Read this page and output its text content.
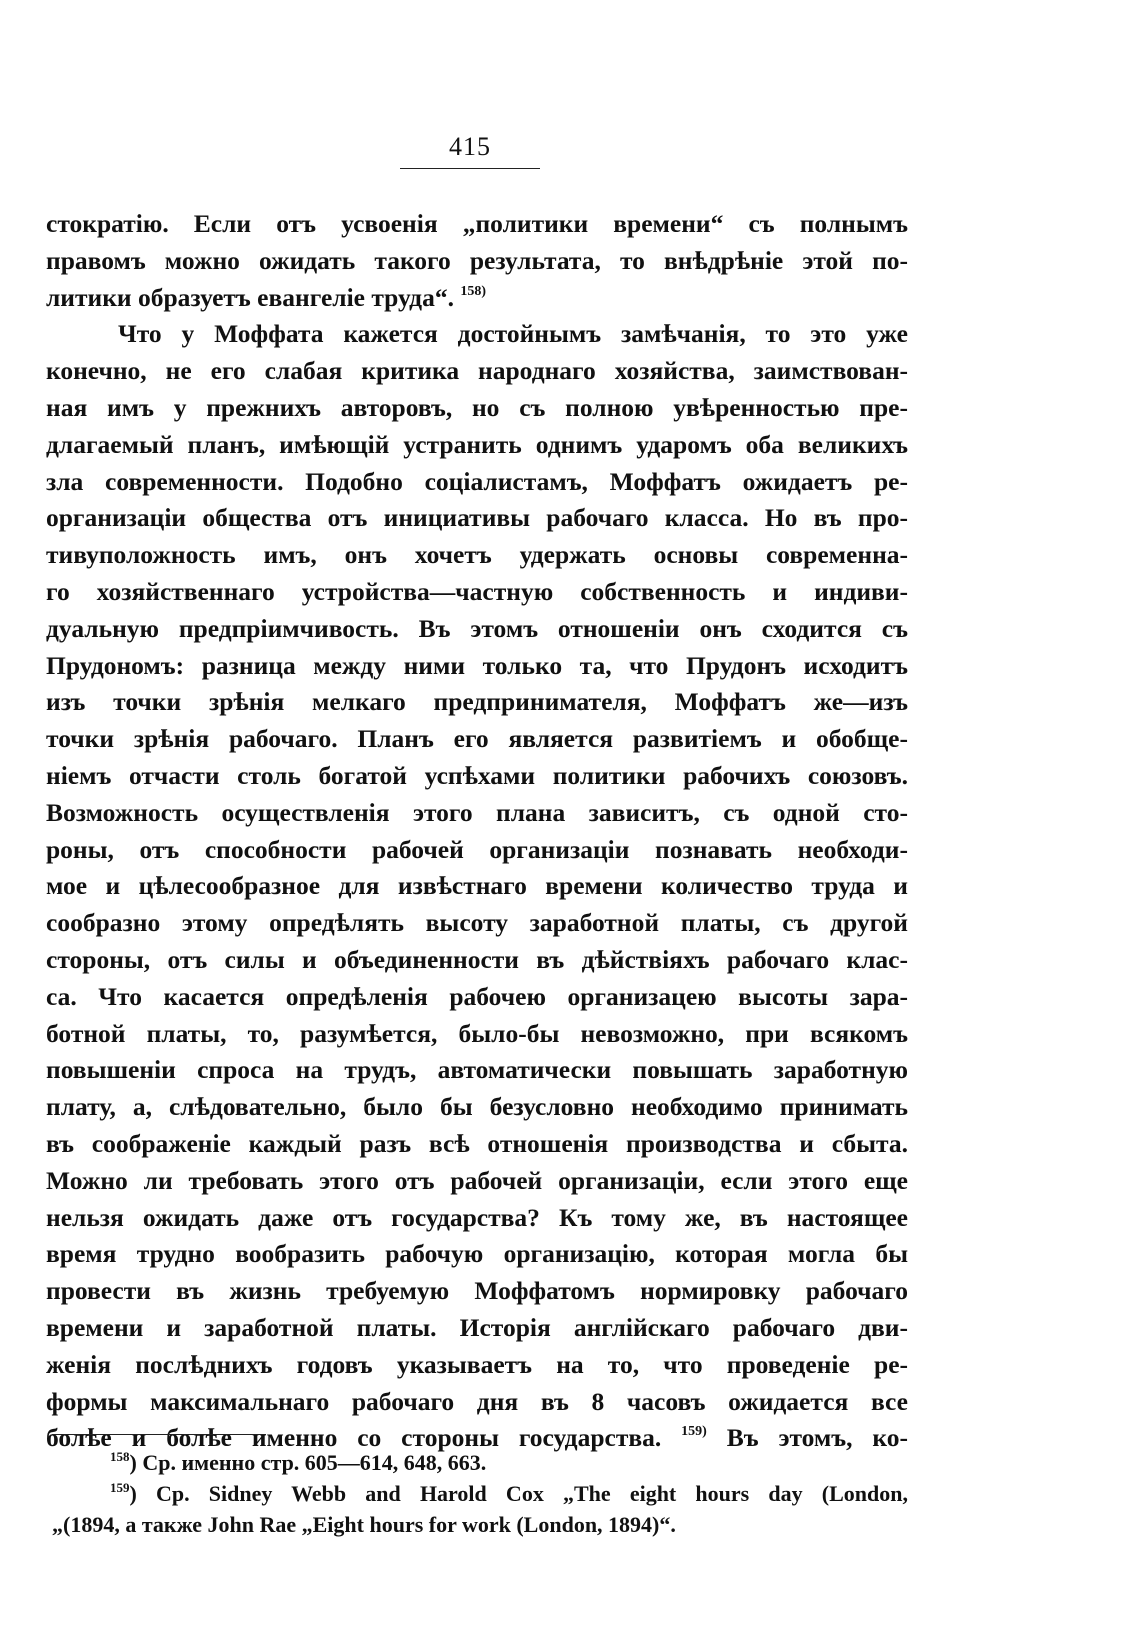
415
стократію. Если отъ усвоенія „политики времени“ съ полнымъ
правомъ можно ожидать такого результата, то внѣдрѣніе этой по-
литики образуетъ евангеліе труда“. $^{158)}$
Что у Моффата кажется достойнымъ замѣчанія, то это уже
конечно, не его слабая критика народнаго хозяйства, заимствован-
ная имъ у прежнихъ авторовъ, но съ полною увѣренностью пре-
длагаемый планъ, имѣющій устранить однимъ ударомъ оба великихъ
зла современности. Подобно соціалистамъ, Моффатъ ожидаетъ ре-
организаціи общества отъ инициативы рабочаго класса. Но въ про-
тивуположность имъ, онъ хочетъ удержать основы современна-
го хозяйственнаго устройства—частную собственность и индиви-
дуальную предпріимчивость. Въ этомъ отношеніи онъ сходится съ
Прудономъ: разница между ними только та, что Прудонъ исходитъ
изъ точки зрѣнія мелкаго предпринимателя, Моффатъ же—изъ
точки зрѣнія рабочаго. Планъ его является развитіемъ и обобще-
ніемъ отчасти столь богатой успѣхами политики рабочихъ союзовъ.
Возможность осуществленія этого плана зависитъ, съ одной сто-
роны, отъ способности рабочей организаціи познавать необходи-
мое и цѣлесообразное для извѣстнаго времени количество труда и
сообразно этому опредѣлять высоту заработной платы, съ другой
стороны, отъ силы и объединенности въ дѣйствіяхъ рабочаго клас-
са. Что касается опредѣленія рабочею организацею высоты зара-
ботной платы, то, разумѣется, было-бы невозможно, при всякомъ
повышеніи спроса на трудъ, автоматически повышать заработную
плату, а, слѣдовательно, было бы безусловно необходимо принимать
въ соображеніе каждый разъ всѣ отношенія производства и сбыта.
Можно ли требовать этого отъ рабочей организаціи, если этого еще
нельзя ожидать даже отъ государства? Къ тому же, въ настоящее
время трудно вообразить рабочую организацію, которая могла бы
провести въ жизнь требуемую Моффатомъ нормировку рабочаго
времени и заработной платы. Исторія англійскаго рабочаго дви-
женія послѣднихъ годовъ указываетъ на то, что проведеніе ре-
формы максимальнаго рабочаго дня въ 8 часовъ ожидается все
болѣе и болѣе именно со стороны государства. $^{159)}$ Въ этомъ, ко-
$^{158}$) Ср. именно стр. 605—614, 648, 663.
$^{159}$) Ср. Sidney Webb and Harold Cox „The eight hours day (London,
„(1894, а также John Rae „Eight hours for work (London, 1894)“.
